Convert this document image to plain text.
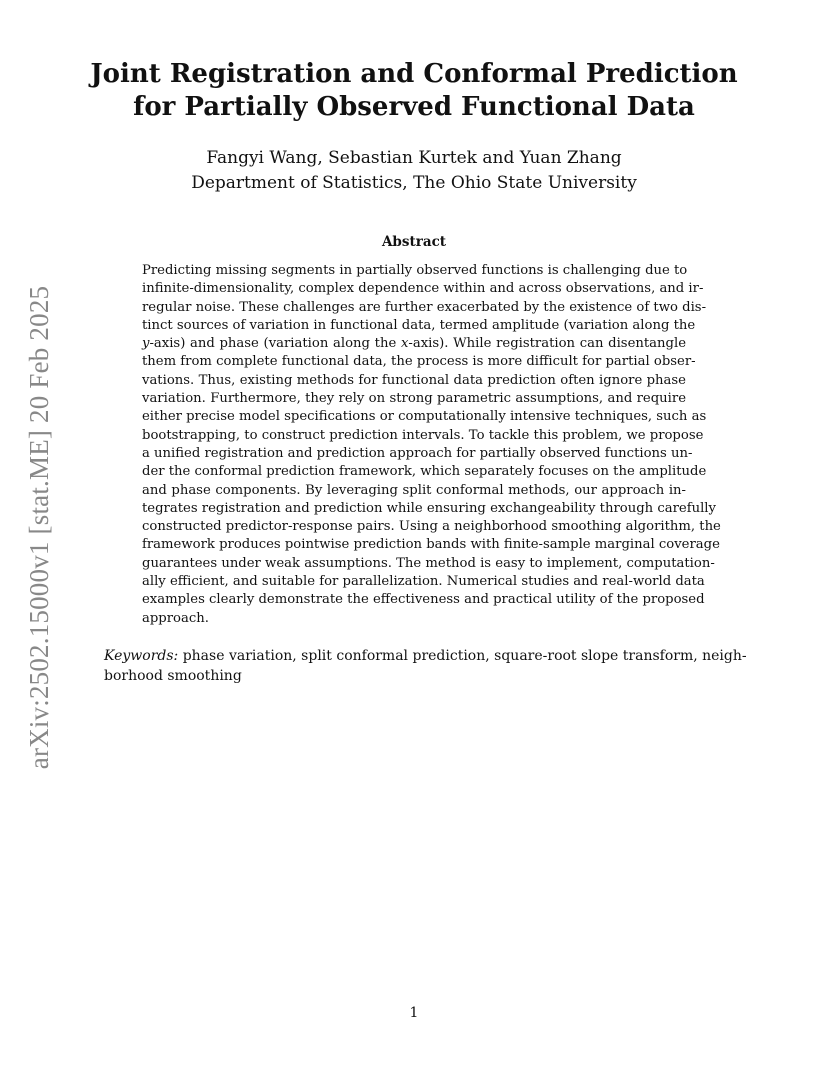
arXiv:2502.15000v1 [stat.ME] 20 Feb 2025
Joint Registration and Conformal Prediction
for Partially Observed Functional Data
Fangyi Wang, Sebastian Kurtek and Yuan Zhang
Department of Statistics, The Ohio State University
Abstract
Predicting missing segments in partially observed functions is challenging due to
infinite-dimensionality, complex dependence within and across observations, and ir-
regular noise. These challenges are further exacerbated by the existence of two dis-
tinct sources of variation in functional data, termed amplitude (variation along the
y-axis) and phase (variation along the x-axis). While registration can disentangle
them from complete functional data, the process is more difficult for partial obser-
vations. Thus, existing methods for functional data prediction often ignore phase
variation. Furthermore, they rely on strong parametric assumptions, and require
either precise model specifications or computationally intensive techniques, such as
bootstrapping, to construct prediction intervals. To tackle this problem, we propose
a unified registration and prediction approach for partially observed functions un-
der the conformal prediction framework, which separately focuses on the amplitude
and phase components. By leveraging split conformal methods, our approach in-
tegrates registration and prediction while ensuring exchangeability through carefully
constructed predictor-response pairs. Using a neighborhood smoothing algorithm, the
framework produces pointwise prediction bands with finite-sample marginal coverage
guarantees under weak assumptions. The method is easy to implement, computation-
ally efficient, and suitable for parallelization. Numerical studies and real-world data
examples clearly demonstrate the effectiveness and practical utility of the proposed
approach.
Keywords: phase variation, split conformal prediction, square-root slope transform, neigh-
borhood smoothing
1
